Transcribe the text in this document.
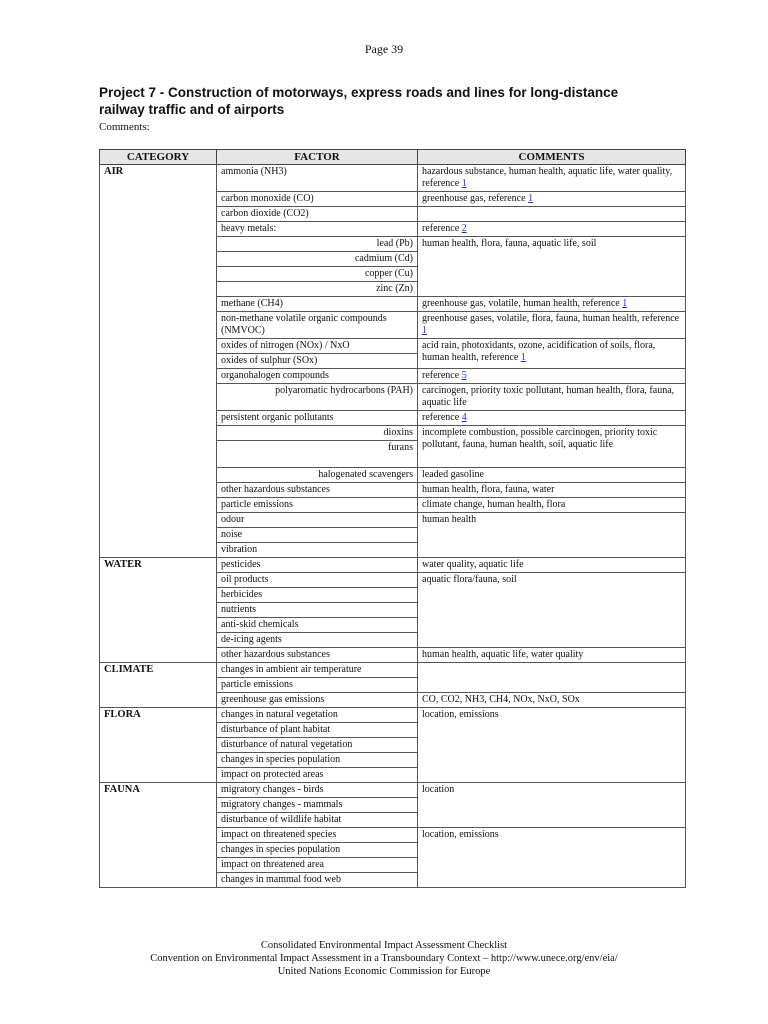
Page 39
Project 7 - Construction of motorways, express roads and lines for long-distance
railway traffic and of airports
Comments:
CATEGORY	FACTOR	COMMENTS
AIR	ammonia (NH3)	hazardous substance, human health, aquatic life, water quality, reference 1
	carbon monoxide (CO)	greenhouse gas, reference 1
	carbon dioxide (CO2)	
	heavy metals:	reference 2
	lead (Pb)	human health, flora, fauna, aquatic life, soil
	cadmium (Cd)	
	copper (Cu)	
	zinc (Zn)	
	methane (CH4)	greenhouse gas, volatile, human health, reference 1
	non-methane volatile organic compounds (NMVOC)	greenhouse gases, volatile, flora, fauna, human health, reference 1
	oxides of nitrogen (NOx) / NxO	acid rain, photoxidants, ozone, acidification of soils, flora, human health, reference 1
	oxides of sulphur (SOx)	
	organohalogen compounds	reference 5
	polyaromatic hydrocarbons (PAH)	carcinogen, priority toxic pollutant, human health, flora, fauna, aquatic life
	persistent organic pollutants	reference 4
	dioxins	incomplete combustion, possible carcinogen, priority toxic pollutant, fauna, human health, soil, aquatic life
	furans	
	halogenated scavengers	leaded gasoline
	other hazardous substances	human health, flora, fauna, water
	particle emissions	climate change, human health, flora
	odour	human health
	noise	
	vibration	
WATER	pesticides	water quality, aquatic life
	oil products	aquatic flora/fauna, soil
	herbicides	
	nutrients	
	anti-skid chemicals	
	de-icing agents	
	other hazardous substances	human health, aquatic life, water quality
CLIMATE	changes in ambient air temperature	
	particle emissions	
	greenhouse gas emissions	CO, CO2, NH3, CH4, NOx, NxO, SOx
FLORA	changes in natural vegetation	location, emissions
	disturbance of plant habitat	
	disturbance of natural vegetation	
	changes in species population	
	impact on protected areas	
FAUNA	migratory changes - birds	location
	migratory changes - mammals	
	disturbance of wildlife habitat	
	impact on threatened species	location, emissions
	changes in species population	
	impact on threatened area	
	changes in mammal food web	
Consolidated Environmental Impact Assessment Checklist
Convention on Environmental Impact Assessment in a Transboundary Context – http://www.unece.org/env/eia/
United Nations Economic Commission for Europe
